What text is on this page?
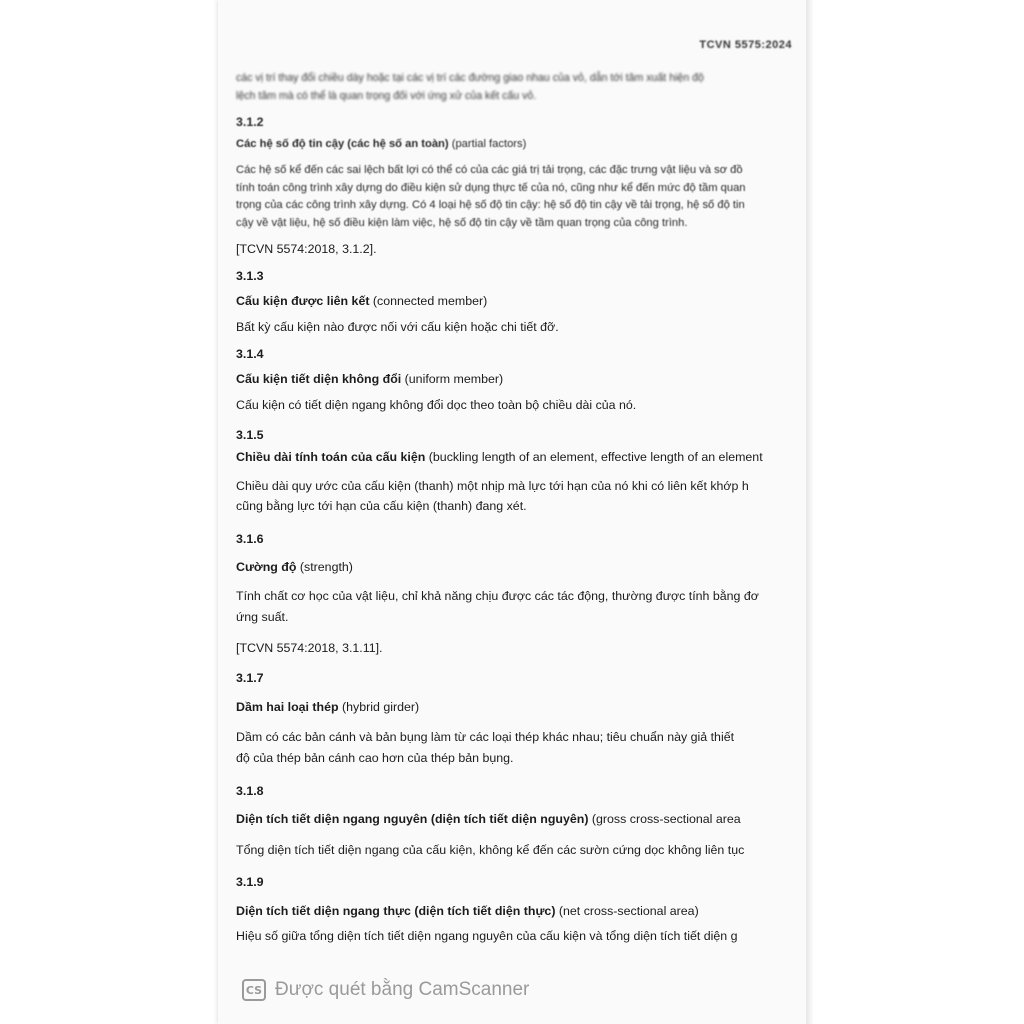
TCVN 5575:2024
các vị trí thay đổi chiều dày hoặc tại các vị trí các đường giao nhau của vỏ, dẫn tới tâm xuất hiện độ
lệch tâm mà có thể là quan trọng đối với ứng xử của kết cấu vỏ.
3.1.2
Các hệ số độ tin cậy (các hệ số an toàn) (partial factors)
Các hệ số kể đến các sai lệch bất lợi có thể có của các giá trị tải trọng, các đặc trưng vật liệu và sơ đồ
tính toán công trình xây dựng do điều kiện sử dụng thực tế của nó, cũng như kể đến mức độ tầm quan
trọng của các công trình xây dựng. Có 4 loại hệ số độ tin cậy: hệ số độ tin cậy về tải trọng, hệ số độ tin
cậy về vật liệu, hệ số điều kiện làm việc, hệ số độ tin cậy về tầm quan trọng của công trình.
[TCVN 5574:2018, 3.1.2].
3.1.3
Cấu kiện được liên kết (connected member)
Bất kỳ cấu kiện nào được nối với cấu kiện hoặc chi tiết đỡ.
3.1.4
Cấu kiện tiết diện không đổi (uniform member)
Cấu kiện có tiết diện ngang không đổi dọc theo toàn bộ chiều dài của nó.
3.1.5
Chiều dài tính toán của cấu kiện (buckling length of an element, effective length of an element
Chiều dài quy ước của cấu kiện (thanh) một nhịp mà lực tới hạn của nó khi có liên kết khớp h
cũng bằng lực tới hạn của cấu kiện (thanh) đang xét.
3.1.6
Cường độ (strength)
Tính chất cơ học của vật liệu, chỉ khả năng chịu được các tác động, thường được tính bằng đơ
ứng suất.
[TCVN 5574:2018, 3.1.11].
3.1.7
Dầm hai loại thép (hybrid girder)
Dầm có các bản cánh và bản bụng làm từ các loại thép khác nhau; tiêu chuẩn này giả thiết
độ của thép bản cánh cao hơn của thép bản bụng.
3.1.8
Diện tích tiết diện ngang nguyên (diện tích tiết diện nguyên) (gross cross-sectional area
Tổng diện tích tiết diện ngang của cấu kiện, không kể đến các sườn cứng dọc không liên tục
3.1.9
Diện tích tiết diện ngang thực (diện tích tiết diện thực) (net cross-sectional area)
Hiệu số giữa tổng diện tích tiết diện ngang nguyên của cấu kiện và tổng diện tích tiết diện g
CS Được quét bằng CamScanner
